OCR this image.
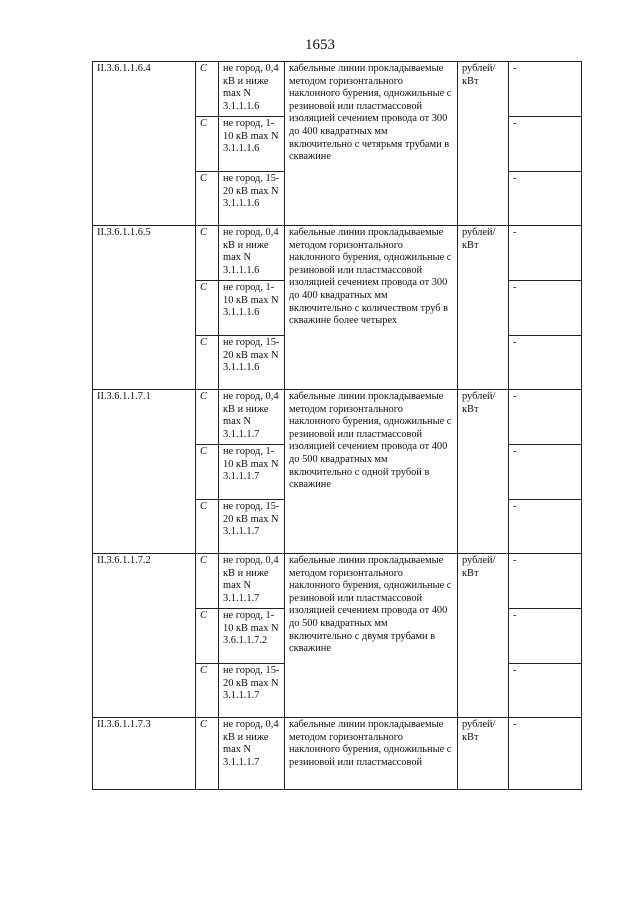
1653
II.3.6.1.1.6.4	С	не город, 0,4 кВ и ниже max N 3.1.1.1.6	кабельные линии прокладываемые методом горизонтального наклонного бурения, одножильные с резиновой или пластмассовой изоляцией сечением провода от 300 до 400 квадратных мм включительно с четярьмя трубами в скважине	рублей/ кВт	-
	С	не город, 1-10 кВ max N 3.1.1.1.6			-
	С	не город, 15-20 кВ max N 3.1.1.1.6			-
II.3.6.1.1.6.5	С	не город, 0,4 кВ и ниже max N 3.1.1.1.6	кабельные линии прокладываемые методом горизонтального наклонного бурения, одножильные с резиновой или пластмассовой изоляцией сечением провода от 300 до 400 квадратных мм включительно с количеством труб в скважине более четырех	рублей/ кВт	-
	С	не город, 1-10 кВ max N 3.1.1.1.6			-
	С	не город, 15-20 кВ max N 3.1.1.1.6			-
II.3.6.1.1.7.1	С	не город, 0,4 кВ и ниже max N 3.1.1.1.7	кабельные линии прокладываемые методом горизонтального наклонного бурения, одножильные с резиновой или пластмассовой изоляцией сечением провода от 400 до 500 квадратных мм включительно с одной трубой в скважине	рублей/ кВт	-
	С	не город, 1-10 кВ max N 3.1.1.1.7			-
	С	не город, 15-20 кВ max N 3.1.1.1.7			-
II.3.6.1.1.7.2	С	не город, 0,4 кВ и ниже max N 3.1.1.1.7	кабельные линии прокладываемые методом горизонтального наклонного бурения, одножильные с резиновой или пластмассовой изоляцией сечением провода от 400 до 500 квадратных мм включительно с двумя трубами в скважине	рублей/ кВт	-
	С	не город, 1-10 кВ max N 3.6.1.1.7.2			-
	С	не город, 15-20 кВ max N 3.1.1.1.7			-
II.3.6.1.1.7.3	С	не город, 0,4 кВ и ниже max N 3.1.1.1.7	кабельные линии прокладываемые методом горизонтального наклонного бурения, одножильные с резиновой или пластмассовой	рублей/ кВт	-
